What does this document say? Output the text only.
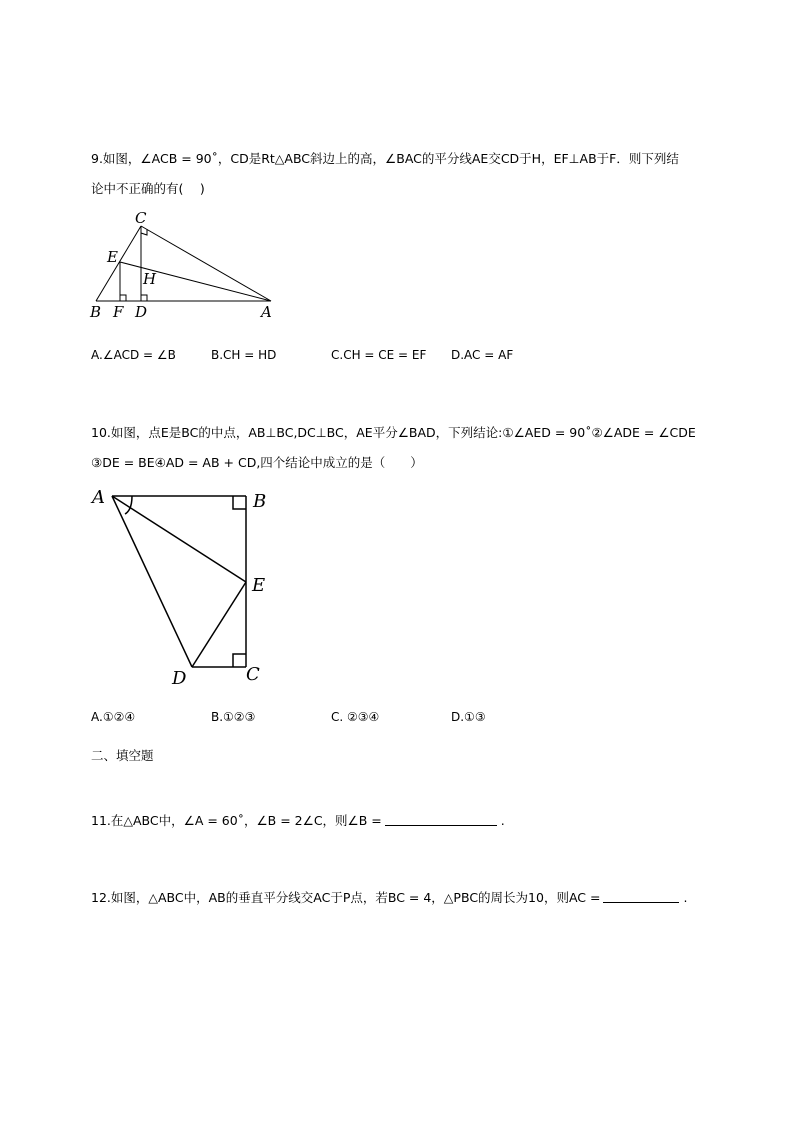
9.如图，∠ACB = 90˚，CD是Rt△ABC斜边上的高，∠BAC的平分线AE交CD于H，EF⊥AB于F．则下列结
论中不正确的有(　 )
C
E
H
B F D	A
A.∠ACD = ∠B	B.CH = HD	C.CH = CE = EF D.AC = AF
10.如图，点E是BC的中点，AB⊥BC,DC⊥BC，AE平分∠BAD，下列结论:①∠AED = 90˚②∠ADE = ∠CDE
③DE = BE④AD = AB + CD,四个结论中成立的是（　　）
A	B
E
D	C
A.①②④	B.①②③	C. ②③④	D.①③
二、填空题
11.在△ABC中，∠A = 60˚，∠B = 2∠C，则∠B =	.
12.如图，△ABC中，AB的垂直平分线交AC于P点，若BC = 4，△PBC的周长为10，则AC =	.
